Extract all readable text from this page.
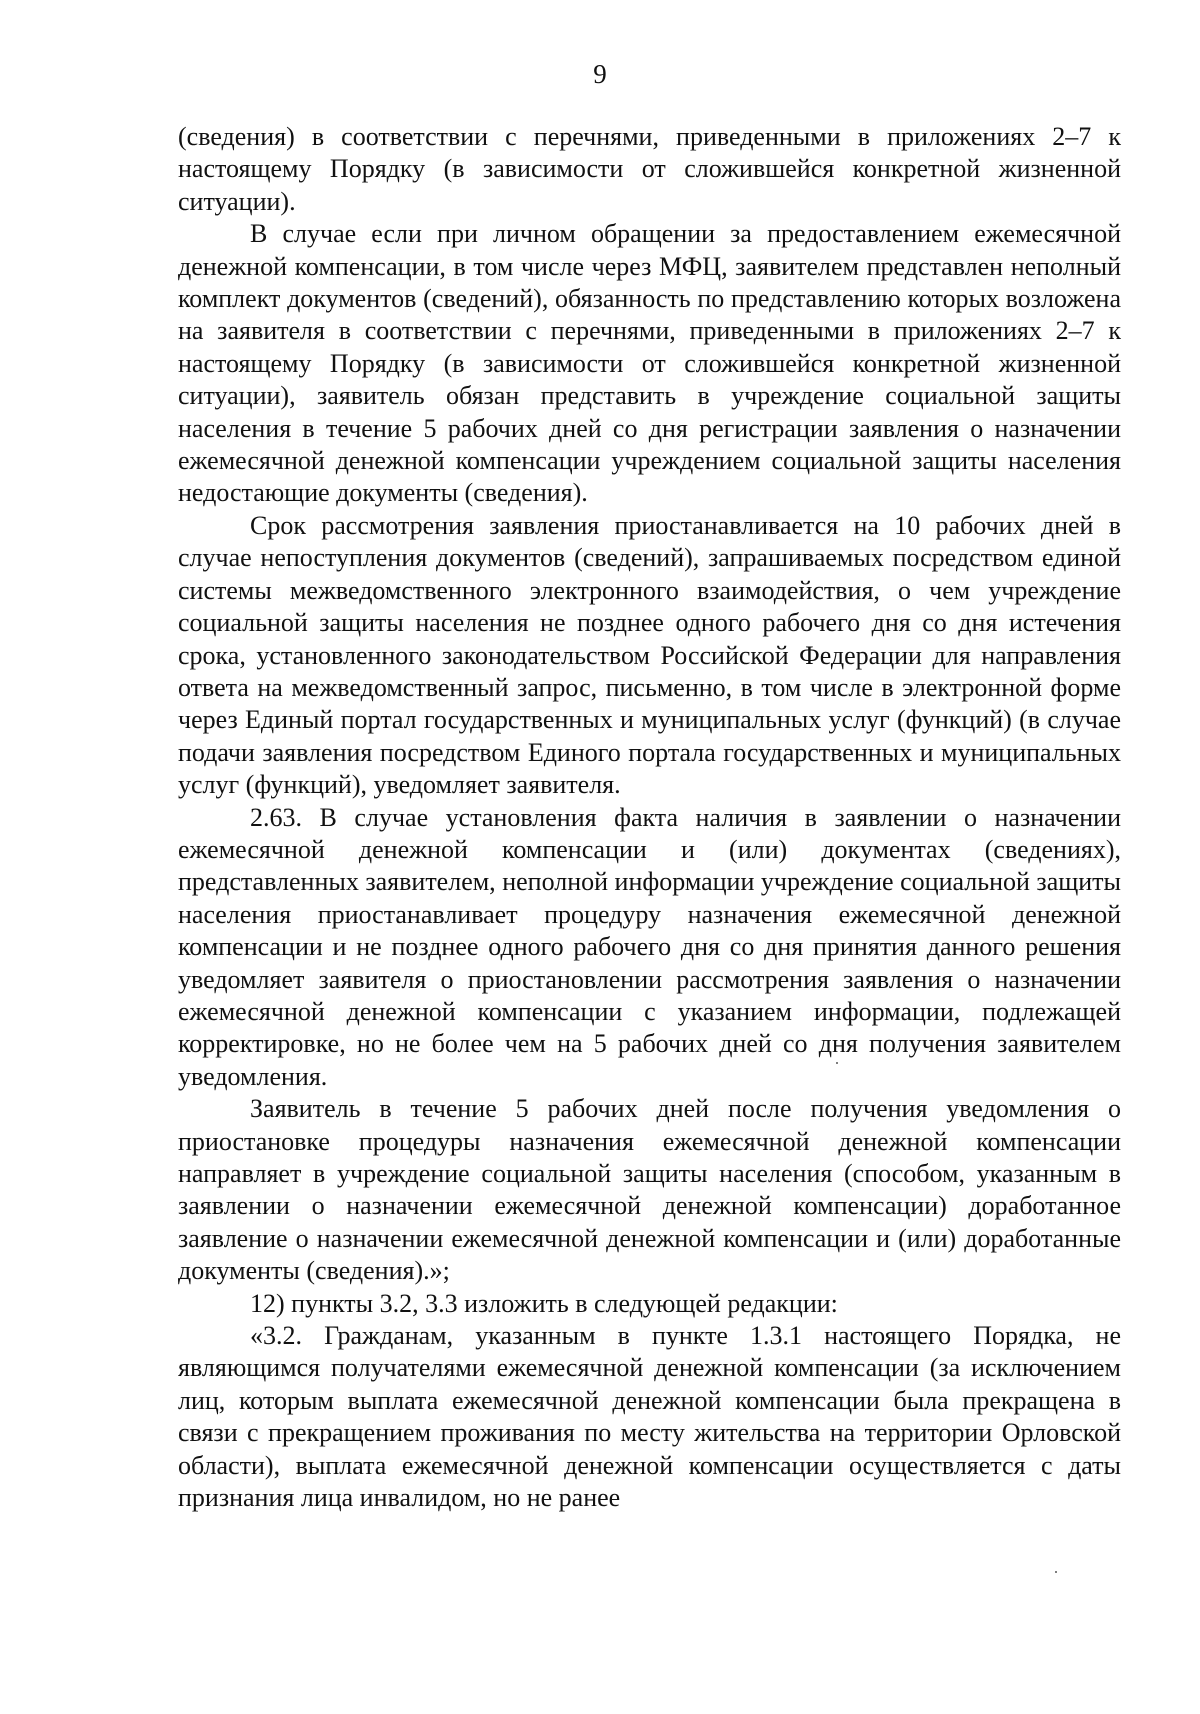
9

(сведения) в соответствии с перечнями, приведенными в приложениях 2–7 к настоящему Порядку (в зависимости от сложившейся конкретной жизненной ситуации).

В случае если при личном обращении за предоставлением ежемесячной денежной компенсации, в том числе через МФЦ, заявителем представлен неполный комплект документов (сведений), обязанность по представлению которых возложена на заявителя в соответствии с перечнями, приведенными в приложениях 2–7 к настоящему Порядку (в зависимости от сложившейся конкретной жизненной ситуации), заявитель обязан представить в учреждение социальной защиты населения в течение 5 рабочих дней со дня регистрации заявления о назначении ежемесячной денежной компенсации учреждением социальной защиты населения недостающие документы (сведения).

Срок рассмотрения заявления приостанавливается на 10 рабочих дней в случае непоступления документов (сведений), запрашиваемых посредством единой системы межведомственного электронного взаимодействия, о чем учреждение социальной защиты населения не позднее одного рабочего дня со дня истечения срока, установленного законодательством Российской Федерации для направления ответа на межведомственный запрос, письменно, в том числе в электронной форме через Единый портал государственных и муниципальных услуг (функций) (в случае подачи заявления посредством Единого портала государственных и муниципальных услуг (функций), уведомляет заявителя.

2.63. В случае установления факта наличия в заявлении о назначении ежемесячной денежной компенсации и (или) документах (сведениях), представленных заявителем, неполной информации учреждение социальной защиты населения приостанавливает процедуру назначения ежемесячной денежной компенсации и не позднее одного рабочего дня со дня принятия данного решения уведомляет заявителя о приостановлении рассмотрения заявления о назначении ежемесячной денежной компенсации с указанием информации, подлежащей корректировке, но не более чем на 5 рабочих дней со дня получения заявителем уведомления.

Заявитель в течение 5 рабочих дней после получения уведомления о приостановке процедуры назначения ежемесячной денежной компенсации направляет в учреждение социальной защиты населения (способом, указанным в заявлении о назначении ежемесячной денежной компенсации) доработанное заявление о назначении ежемесячной денежной компенсации и (или) доработанные документы (сведения).»;

12) пункты 3.2, 3.3 изложить в следующей редакции:

«3.2. Гражданам, указанным в пункте 1.3.1 настоящего Порядка, не являющимся получателями ежемесячной денежной компенсации (за исключением лиц, которым выплата ежемесячной денежной компенсации была прекращена в связи с прекращением проживания по месту жительства на территории Орловской области), выплата ежемесячной денежной компенсации осуществляется с даты признания лица инвалидом, но не ранее
